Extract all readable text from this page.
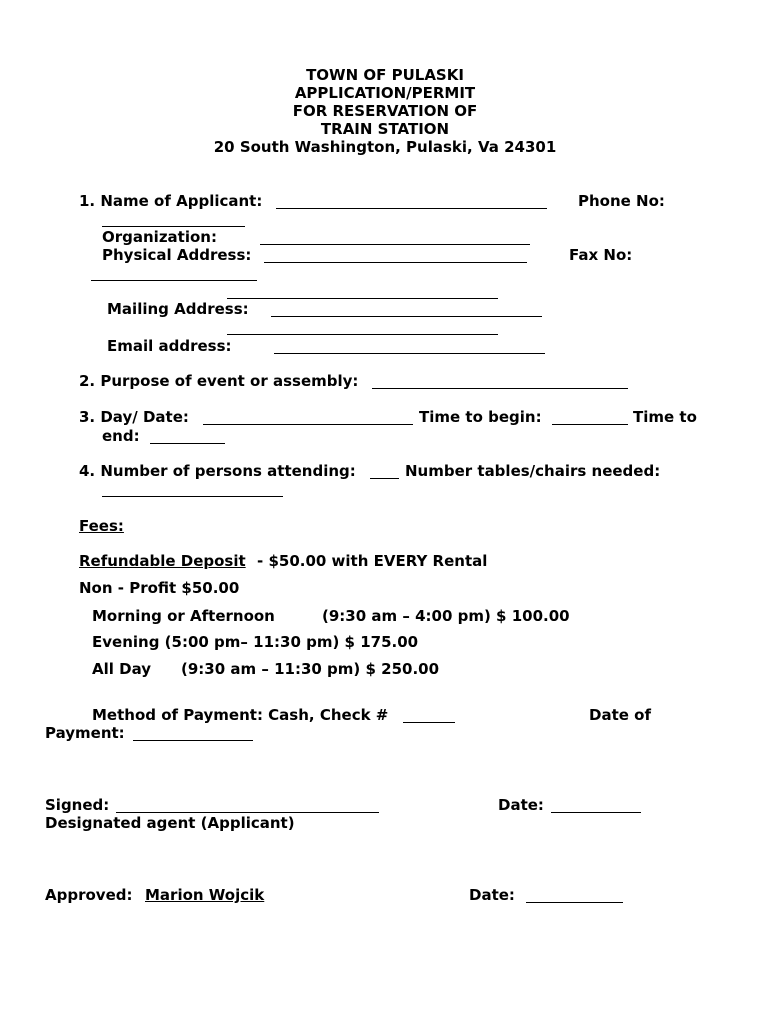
TOWN OF PULASKI
APPLICATION/PERMIT
FOR RESERVATION OF
TRAIN STATION
20 South Washington, Pulaski, Va 24301
1. Name of Applicant:	Phone No:
Organization:
Physical Address:	Fax No:
Mailing Address:
Email address:
2. Purpose of event or assembly:
3. Day/ Date:	Time to begin:	Time to
end:
4. Number of persons attending:	Number tables/chairs needed:
Fees:
Refundable Deposit - $50.00 with EVERY Rental
Non - Profit $50.00
Morning or Afternoon	(9:30 am – 4:00 pm) $ 100.00
Evening (5:00 pm– 11:30 pm) $ 175.00
All Day (9:30 am – 11:30 pm) $ 250.00
Method of Payment: Cash, Check #	Date of
Payment:
Signed:	Date:
Designated agent (Applicant)
Approved: Marion Wojcik	Date:
